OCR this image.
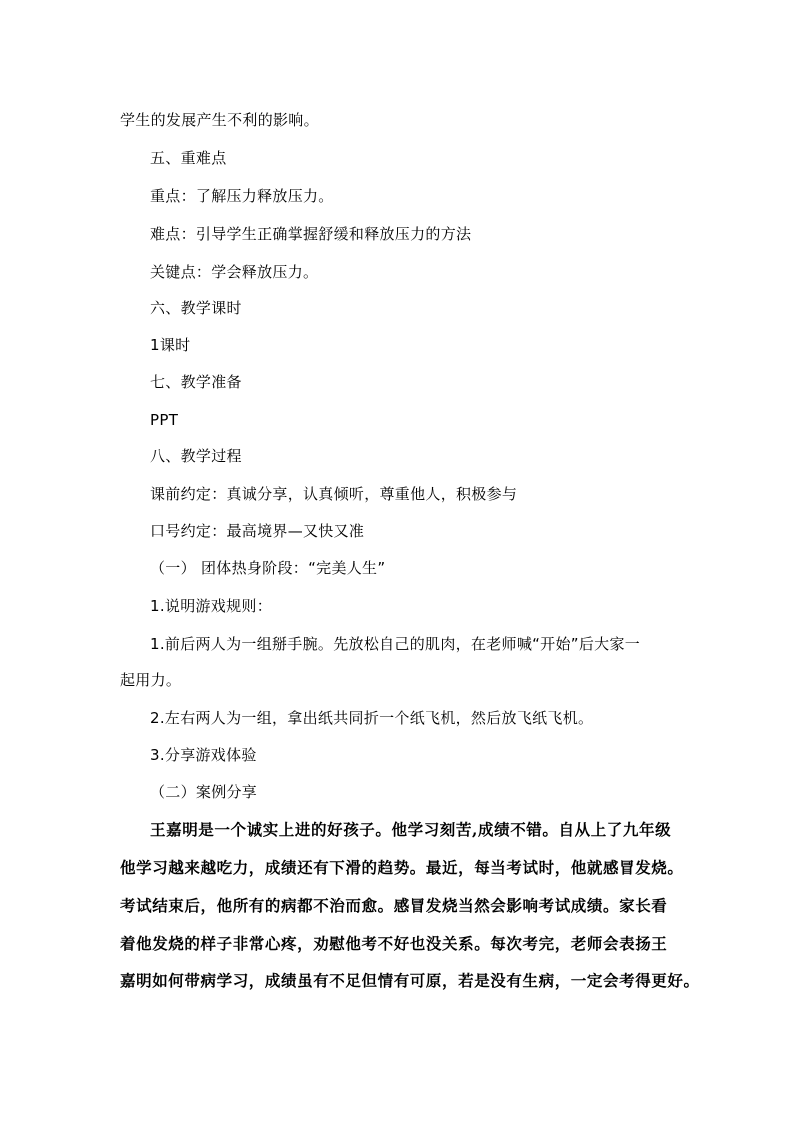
学生的发展产生不利的影响。
五、重难点
重点：了解压力释放压力。
难点：引导学生正确掌握舒缓和释放压力的方法
关键点：学会释放压力。
六、教学课时
1课时
七、教学准备
PPT
八、教学过程
课前约定：真诚分享，认真倾听，尊重他人，积极参与
口号约定：最高境界—又快又准
（一） 团体热身阶段：“完美人生”
1.说明游戏规则：
1.前后两人为一组掰手腕。先放松自己的肌肉，在老师喊“开始”后大家一
起用力。
2.左右两人为一组，拿出纸共同折一个纸飞机，然后放飞纸飞机。
3.分享游戏体验
（二）案例分享
王嘉明是一个诚实上进的好孩子。他学习刻苦,成绩不错。自从上了九年级
他学习越来越吃力，成绩还有下滑的趋势。最近，每当考试时，他就感冒发烧。
考试结束后，他所有的病都不治而愈。感冒发烧当然会影响考试成绩。家长看
着他发烧的样子非常心疼，劝慰他考不好也没关系。每次考完，老师会表扬王
嘉明如何带病学习，成绩虽有不足但情有可原，若是没有生病，一定会考得更好。
